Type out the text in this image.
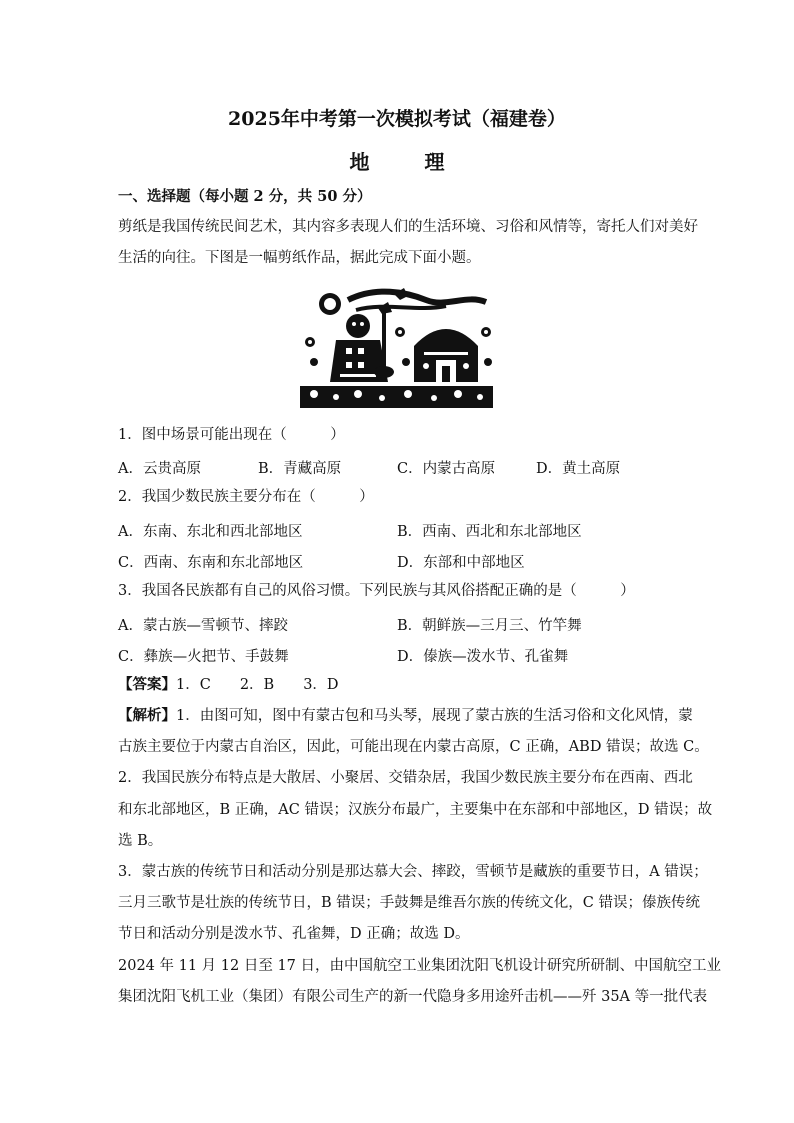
2025年中考第一次模拟考试（福建卷）
地 理
一、选择题（每小题 2 分，共 50 分）
剪纸是我国传统民间艺术，其内容多表现人们的生活环境、习俗和风情等，寄托人们对美好
生活的向往。下图是一幅剪纸作品，据此完成下面小题。
1．图中场景可能出现在（　　　）
A．云贵高原	B．青藏高原	C．内蒙古高原	D．黄土高原
2．我国少数民族主要分布在（　　　）
A．东南、东北和西北部地区	B．西南、西北和东北部地区
C．西南、东南和东北部地区	D．东部和中部地区
3．我国各民族都有自己的风俗习惯。下列民族与其风俗搭配正确的是（　　　）
A．蒙古族—雪顿节、摔跤	B．朝鲜族—三月三、竹竿舞
C．彝族—火把节、手鼓舞	D．傣族—泼水节、孔雀舞
【答案】1．C　　2．B　　3．D
【解析】1．由图可知，图中有蒙古包和马头琴，展现了蒙古族的生活习俗和文化风情，蒙
古族主要位于内蒙古自治区，因此，可能出现在内蒙古高原，C 正确，ABD 错误；故选 C。
2．我国民族分布特点是大散居、小聚居、交错杂居，我国少数民族主要分布在西南、西北
和东北部地区，B 正确，AC 错误；汉族分布最广，主要集中在东部和中部地区，D 错误；故
选 B。
3．蒙古族的传统节日和活动分别是那达慕大会、摔跤，雪顿节是藏族的重要节日，A 错误；
三月三歌节是壮族的传统节日，B 错误；手鼓舞是维吾尔族的传统文化，C 错误；傣族传统
节日和活动分别是泼水节、孔雀舞，D 正确；故选 D。
2024 年 11 月 12 日至 17 日，由中国航空工业集团沈阳飞机设计研究所研制、中国航空工业
集团沈阳飞机工业（集团）有限公司生产的新一代隐身多用途歼击机——歼 35A 等一批代表
